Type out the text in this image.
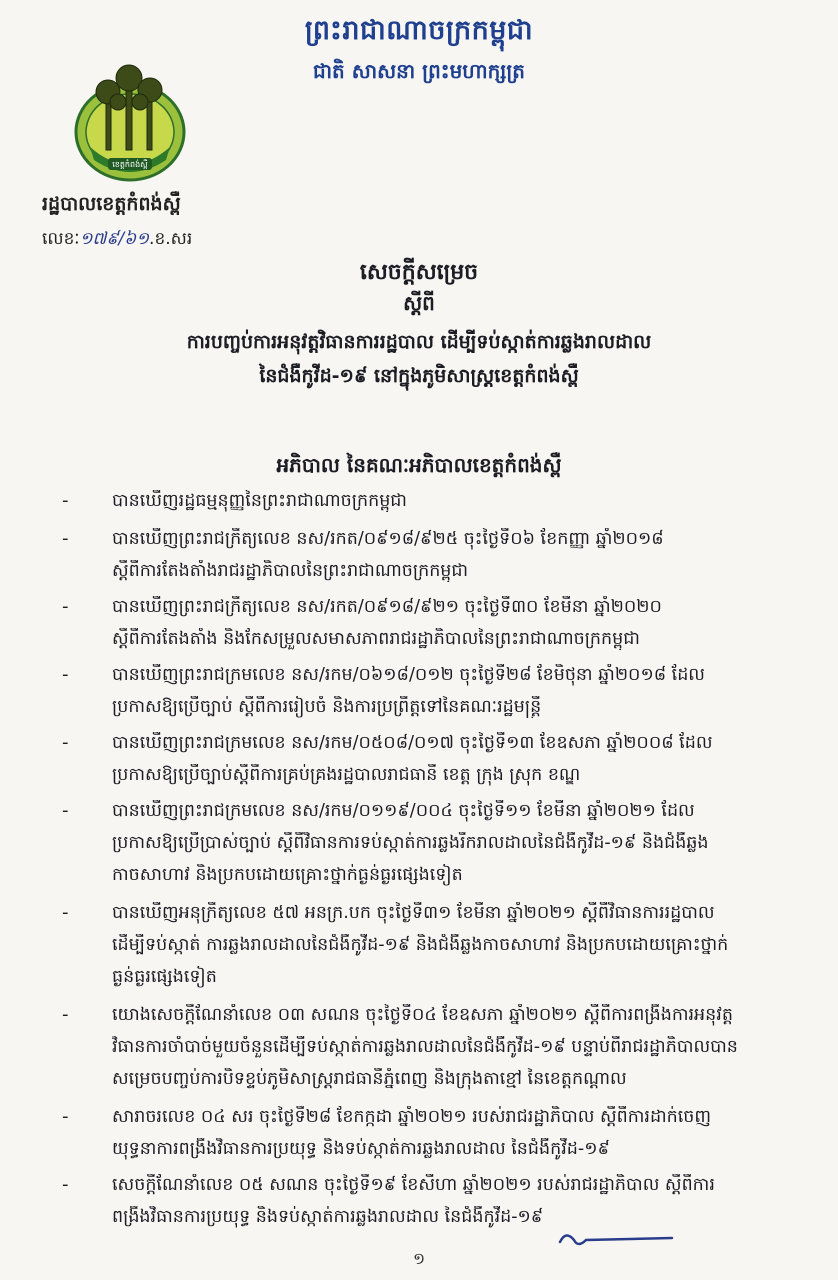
ព្រះរាជាណាចក្រកម្ពុជា
ជាតិ សាសនា ព្រះមហាក្សត្រ
ខេត្តកំពង់ស្ពឺ
រដ្ឋបាលខេត្តកំពង់ស្ពឺ
លេខៈ១៧៩/៦១.ខ.សរ
សេចក្តីសម្រេច
ស្តីពី
ការបញ្ចប់ការអនុវត្តវិធានការរដ្ឋបាល ដើម្បីទប់ស្កាត់ការឆ្លងរាលដាល
នៃជំងឺកូវីដ-១៩ នៅក្នុងភូមិសាស្ត្រខេត្តកំពង់ស្ពឺ
អភិបាល នៃគណៈអភិបាលខេត្តកំពង់ស្ពឺ
- បានឃើញរដ្ឋធម្មនុញ្ញនៃព្រះរាជាណាចក្រកម្ពុជា
- បានឃើញព្រះរាជក្រឹត្យលេខ នស/រកត/០៩១៨/៩២៥ ចុះថ្ងៃទី០៦ ខែកញ្ញា ឆ្នាំ២០១៨
ស្តីពីការតែងតាំងរាជរដ្ឋាភិបាលនៃព្រះរាជាណាចក្រកម្ពុជា
- បានឃើញព្រះរាជក្រឹត្យលេខ នស/រកត/០៩១៨/៩២១ ចុះថ្ងៃទី៣០ ខែមីនា ឆ្នាំ២០២០
ស្តីពីការតែងតាំង និងកែសម្រួលសមាសភាពរាជរដ្ឋាភិបាលនៃព្រះរាជាណាចក្រកម្ពុជា
- បានឃើញព្រះរាជក្រមលេខ នស/រកម/០៦១៨/០១២ ចុះថ្ងៃទី២៨ ខែមិថុនា ឆ្នាំ២០១៨ ដែល
ប្រកាសឱ្យប្រើច្បាប់ ស្តីពីការរៀបចំ និងការប្រព្រឹត្តទៅនៃគណៈរដ្ឋមន្ត្រី
- បានឃើញព្រះរាជក្រមលេខ នស/រកម/០៥០៨/០១៧ ចុះថ្ងៃទី១៣ ខែឧសភា ឆ្នាំ២០០៨ ដែល
ប្រកាសឱ្យប្រើច្បាប់ស្តីពីការគ្រប់គ្រងរដ្ឋបាលរាជធានី ខេត្ត ក្រុង ស្រុក ខណ្ឌ
- បានឃើញព្រះរាជក្រមលេខ នស/រកម/០១១៩/០០៤ ចុះថ្ងៃទី១១ ខែមីនា ឆ្នាំ២០២១ ដែល
ប្រកាសឱ្យប្រើប្រាស់ច្បាប់ ស្តីពីវិធានការទប់ស្កាត់ការឆ្លងរីករាលដាលនៃជំងឺកូវីដ-១៩ និងជំងឺឆ្លង
កាចសាហាវ និងប្រកបដោយគ្រោះថ្នាក់ធ្ងន់ធ្ងរផ្សេងទៀត
- បានឃើញអនុក្រឹត្យលេខ ៥៧ អនក្រ.បក ចុះថ្ងៃទី៣១ ខែមីនា ឆ្នាំ២០២១ ស្តីពីវិធានការរដ្ឋបាល
ដើម្បីទប់ស្កាត់ ការឆ្លងរាលដាលនៃជំងឺកូវីដ-១៩ និងជំងឺឆ្លងកាចសាហាវ និងប្រកបដោយគ្រោះថ្នាក់
ធ្ងន់ធ្ងរផ្សេងទៀត
- យោងសេចក្តីណែនាំលេខ ០៣ សណន ចុះថ្ងៃទី០៤ ខែឧសភា ឆ្នាំ២០២១ ស្តីពីការពង្រឹងការអនុវត្ត
វិធានការចាំបាច់មួយចំនួនដើម្បីទប់ស្កាត់ការឆ្លងរាលដាលនៃជំងឺកូវីដ-១៩ បន្ទាប់ពីរាជរដ្ឋាភិបាលបាន
សម្រេចបញ្ចប់ការបិទខ្ទប់ភូមិសាស្ត្ររាជធានីភ្នំពេញ និងក្រុងតាខ្មៅ នៃខេត្តកណ្តាល
- សារាចរលេខ ០៤ សរ ចុះថ្ងៃទី២៨ ខែកក្កដា ឆ្នាំ២០២១ របស់រាជរដ្ឋាភិបាល ស្តីពីការដាក់ចេញ
យុទ្ធនាការពង្រឹងវិធានការប្រយុទ្ធ និងទប់ស្កាត់ការឆ្លងរាលដាល នៃជំងឺកូវីដ-១៩
- សេចក្តីណែនាំលេខ ០៥ សណន ចុះថ្ងៃទី១៩ ខែសីហា ឆ្នាំ២០២១ របស់រាជរដ្ឋាភិបាល ស្តីពីការ
ពង្រឹងវិធានការប្រយុទ្ធ និងទប់ស្កាត់ការឆ្លងរាលដាល នៃជំងឺកូវីដ-១៩
១
